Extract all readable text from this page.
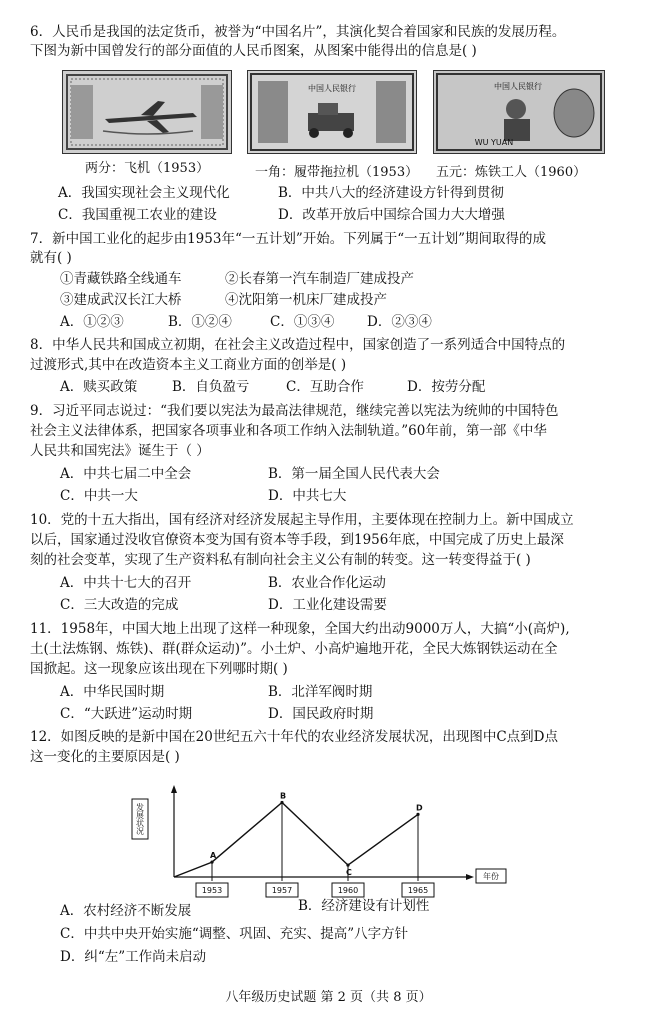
6．人民币是我国的法定货币，被誉为“中国名片”，其演化契合着国家和民族的发展历程。
下图为新中国曾发行的部分面值的人民币图案，从图案中能得出的信息是( )
中国人民银行	中国人民银行
WU YUAN
两分：飞机（1953）	一角：履带拖拉机（1953） 五元：炼铁工人（1960）
A．我国实现社会主义现代化	B．中共八大的经济建设方针得到贯彻
C．我国重视工农业的建设	D．改革开放后中国综合国力大大增强
7．新中国工业化的起步由1953年“一五计划”开始。下列属于“一五计划”期间取得的成
就有( )
①青藏铁路全线通车	②长春第一汽车制造厂建成投产
③建成武汉长江大桥	④沈阳第一机床厂建成投产
A．①②③	B．①②④	C．①③④ D．②③④
8．中华人民共和国成立初期，在社会主义改造过程中，国家创造了一系列适合中国特点的
过渡形式,其中在改造资本主义工商业方面的创举是( )
A．赎买政策	B．自负盈亏	C．互助合作	D．按劳分配
9．习近平同志说过：“我们要以宪法为最高法律规范，继续完善以宪法为统帅的中国特色
社会主义法律体系，把国家各项事业和各项工作纳入法制轨道。”60年前，第一部《中华
人民共和国宪法》诞生于（ ）
A．中共七届二中全会	B．第一届全国人民代表大会
C．中共一大	D．中共七大
10．党的十五大指出，国有经济对经济发展起主导作用，主要体现在控制力上。新中国成立
以后，国家通过没收官僚资本变为国有资本等手段，到1956年底，中国完成了历史上最深
刻的社会变革，实现了生产资料私有制向社会主义公有制的转变。这一转变得益于( )
A．中共十七大的召开	B．农业合作化运动
C．三大改造的完成	D．工业化建设需要
11．1958年，中国大地上出现了这样一种现象，全国大约出动9000万人，大搞“小(高炉),
土(土法炼钢、炼铁)、群(群众运动)”。小土炉、小高炉遍地开花，全民大炼钢铁运动在全
国掀起。这一现象应该出现在下列哪时期( )
A．中华民国时期	B．北洋军阀时期
C．“大跃进”运动时期	D．国民政府时期
12．如图反映的是新中国在20世纪五六十年代的农业经济发展状况，出现图中C点到D点
这一变化的主要原因是( )
发展状况
年份
1953	1957	1960	1965
A
B
C
D
A．农村经济不断发展	B．经济建设有计划性
C．中共中央开始实施“调整、巩固、充实、提高”八字方针
D．纠“左”工作尚未启动
八年级历史试题 第 2 页（共 8 页）
